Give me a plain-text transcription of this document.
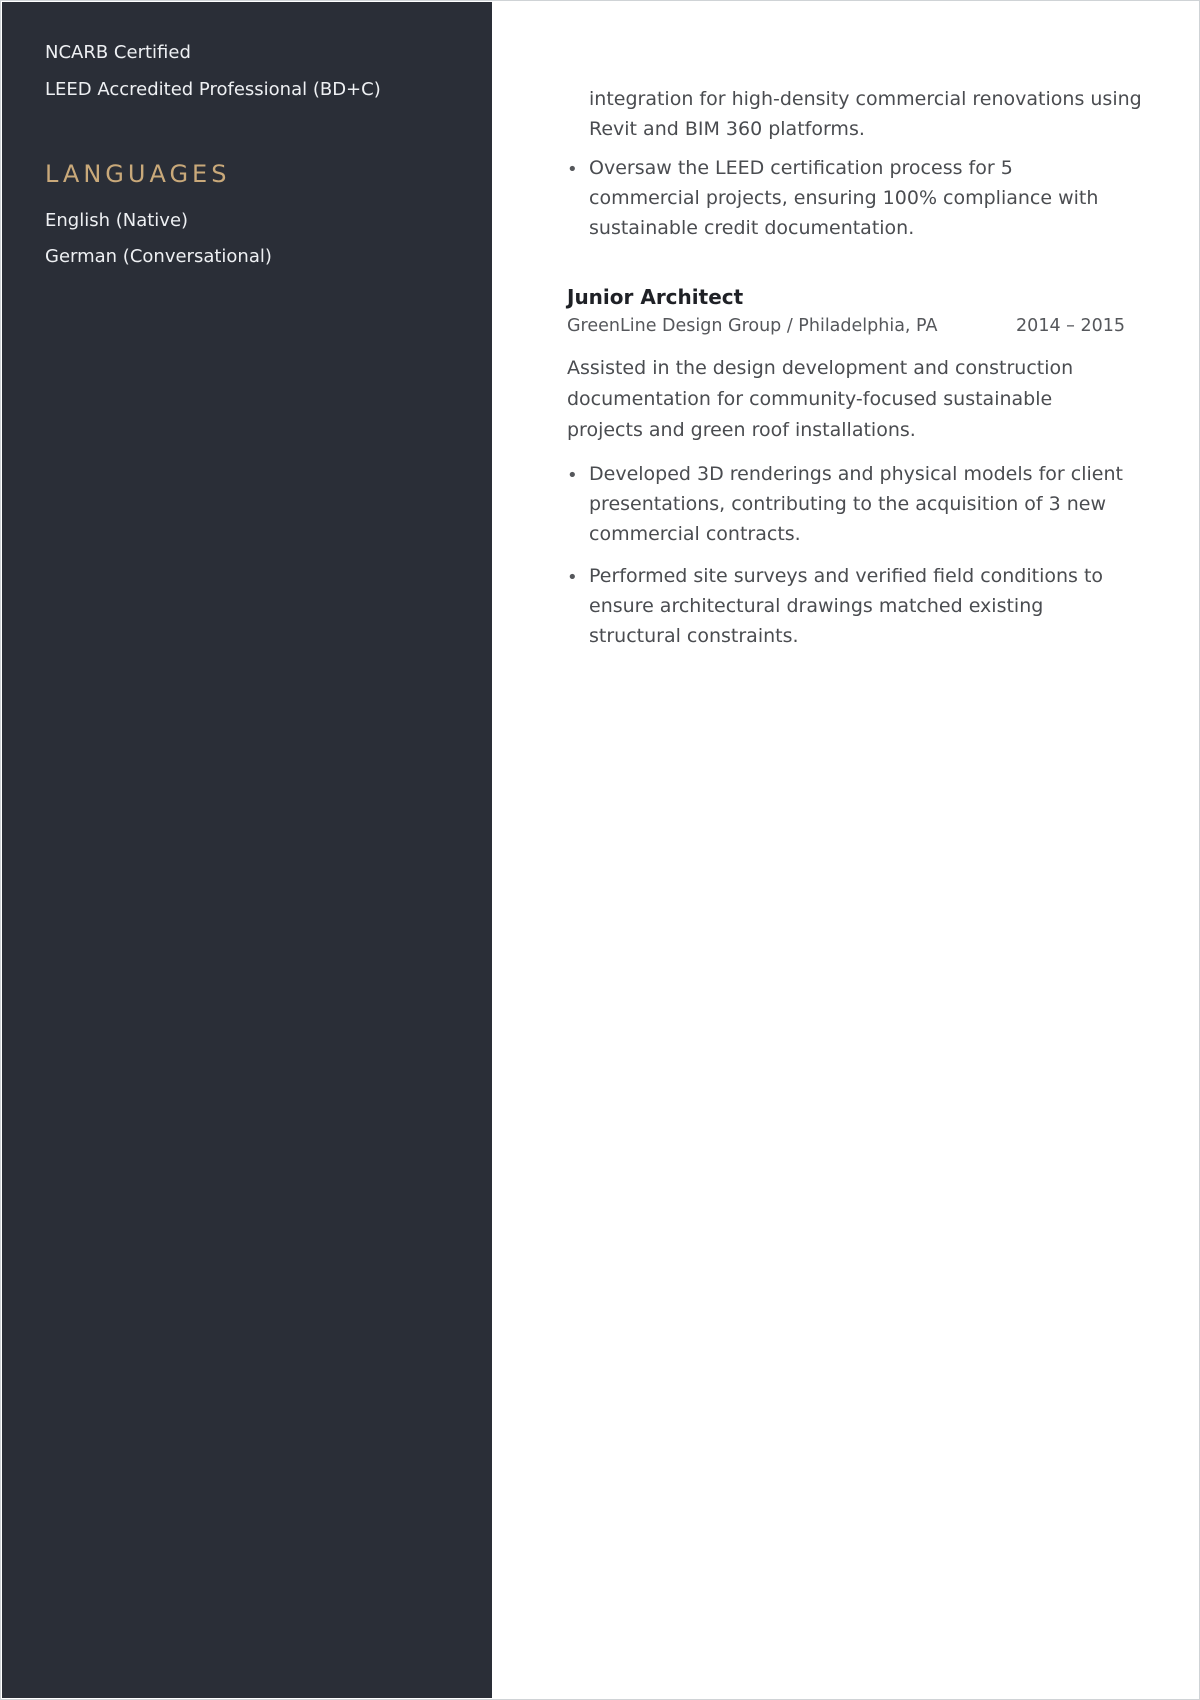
NCARB Certified
LEED Accredited Professional (BD+C)
LANGUAGES
English (Native)
German (Conversational)
integration for high-density commercial renovations using
Revit and BIM 360 platforms.
• Oversaw the LEED certification process for 5 commercial projects, ensuring 100% compliance with sustainable credit documentation.
Junior Architect
GreenLine Design Group / Philadelphia, PA	2014 – 2015
Assisted in the design development and construction documentation for community-focused sustainable projects and green roof installations.
• Developed 3D renderings and physical models for client presentations, contributing to the acquisition of 3 new commercial contracts.
• Performed site surveys and verified field conditions to ensure architectural drawings matched existing structural constraints.
